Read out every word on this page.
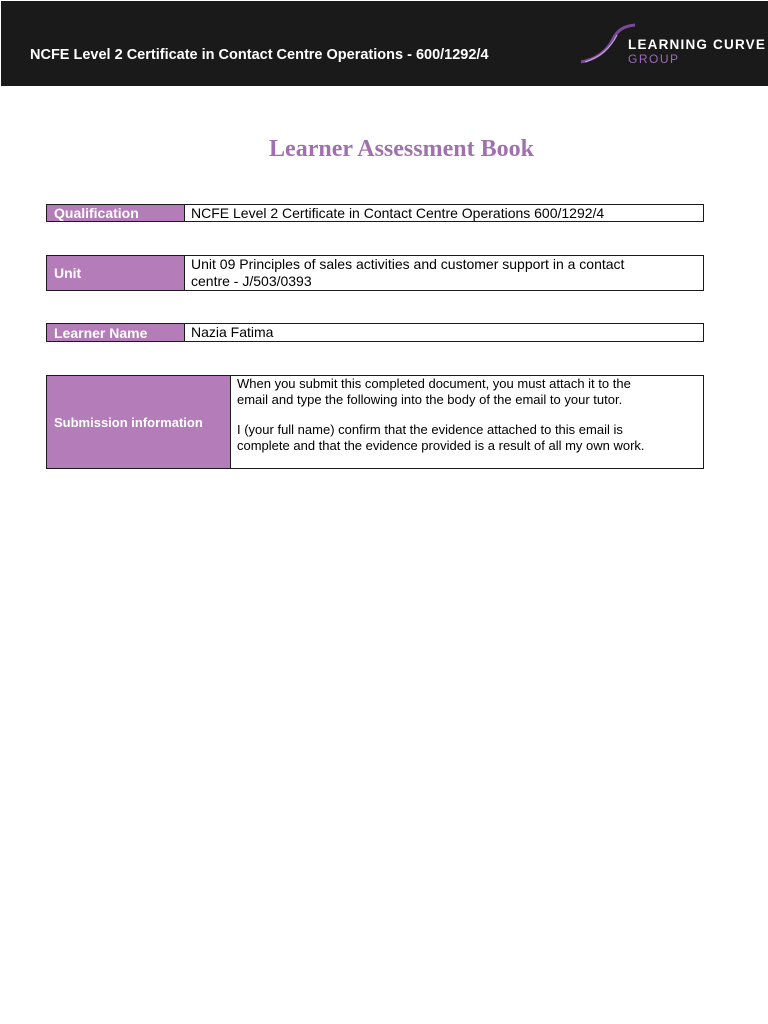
NCFE Level 2 Certificate in Contact Centre Operations - 600/1292/4
LEARNING CURVE
GROUP
Learner Assessment Book
Qualification	NCFE Level 2 Certificate in Contact Centre Operations 600/1292/4
Unit
Unit 09 Principles of sales activities and customer support in a contact
centre - J/503/0393
Learner Name	Nazia Fatima
Submission information

When you submit this completed document, you must attach it to the

email and type the following into the body of the email to your tutor.

I (your full name) confirm that the evidence attached to this email is

complete and that the evidence provided is a result of all my own work.
